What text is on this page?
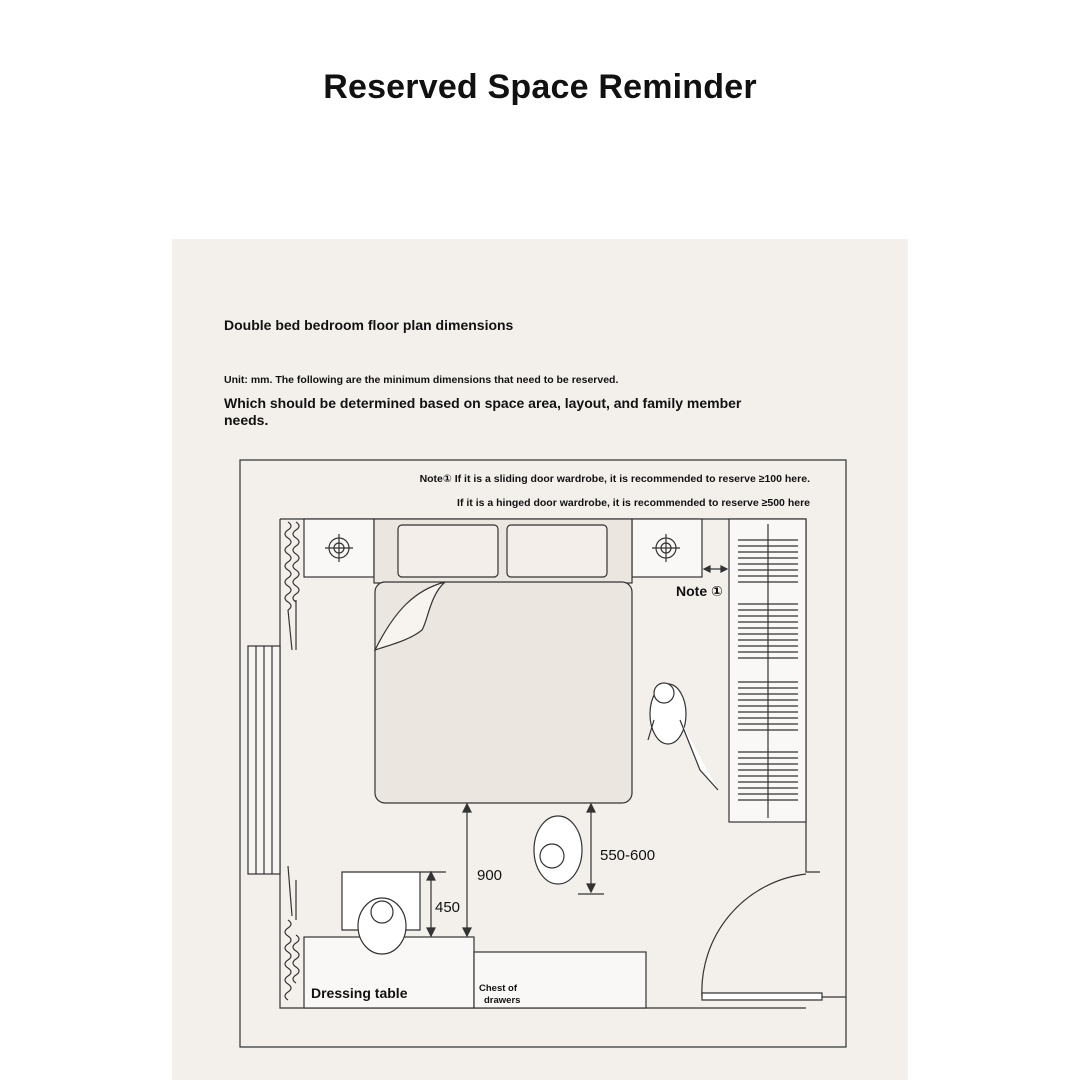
Reserved Space Reminder
Double bed bedroom floor plan dimensions
Unit: mm. The following are the minimum dimensions that need to be reserved.
Which should be determined based on space area, layout, and family member needs.
Note① If it is a sliding door wardrobe, it is recommended to reserve ≥100 here.
If it is a hinged door wardrobe, it is recommended to reserve ≥500 here
Note ①
900
550-600
450
Dressing table	Chest of
drawers
